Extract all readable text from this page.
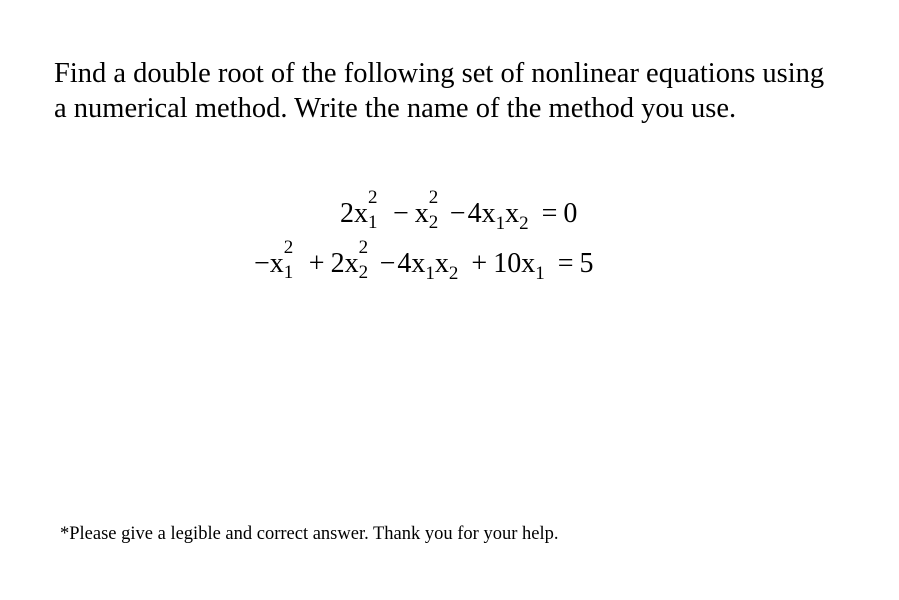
Find a double root of the following set of nonlinear equations using
a numerical method. Write the name of the method you use.
2x
2
1 − x
2
2 −4x1x2 = 0
−x
2
1 + 2x
2
2 −4x1x2 + 10x1 = 5

*Please give a legible and correct answer. Thank you for your help.
